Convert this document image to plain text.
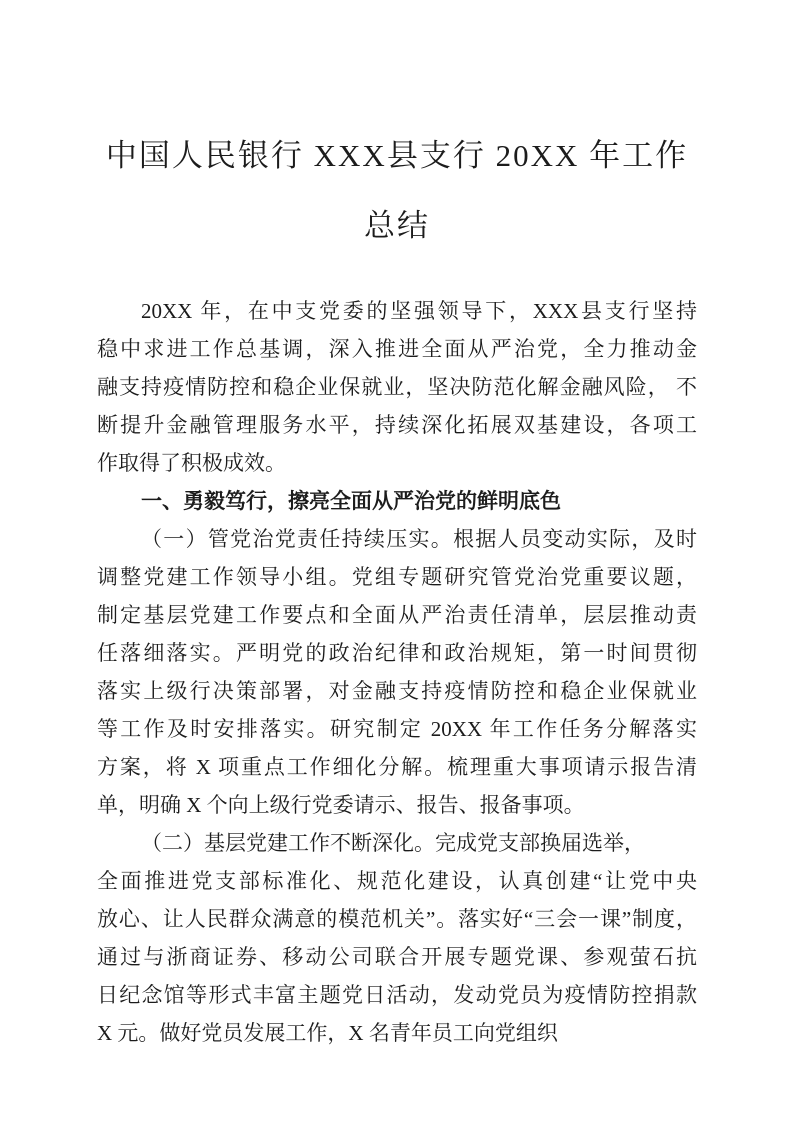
中国人民银行 XXX县支行 20XX 年工作
总结
20XX 年，在中支党委的坚强领导下，XXX县支行坚持
稳中求进工作总基调，深入推进全面从严治党，全力推动金
融支持疫情防控和稳企业保就业，坚决防范化解金融风险， 不
断提升金融管理服务水平，持续深化拓展双基建设，各项工
作取得了积极成效。
一、勇毅笃行，擦亮全面从严治党的鲜明底色
（一）管党治党责任持续压实。根据人员变动实际，及时
调整党建工作领导小组。党组专题研究管党治党重要议题，
制定基层党建工作要点和全面从严治责任清单，层层推动责
任落细落实。严明党的政治纪律和政治规矩，第一时间贯彻
落实上级行决策部署，对金融支持疫情防控和稳企业保就业
等工作及时安排落实。研究制定 20XX 年工作任务分解落实
方案，将 X 项重点工作细化分解。梳理重大事项请示报告清
单，明确 X 个向上级行党委请示、报告、报备事项。
（二）基层党建工作不断深化。完成党支部换届选举，
全面推进党支部标准化、规范化建设，认真创建“让党中央
放心、让人民群众满意的模范机关”。落实好“三会一课”制度，
通过与浙商证券、移动公司联合开展专题党课、参观萤石抗
日纪念馆等形式丰富主题党日活动，发动党员为疫情防控捐款
X 元。做好党员发展工作，X 名青年员工向党组织
